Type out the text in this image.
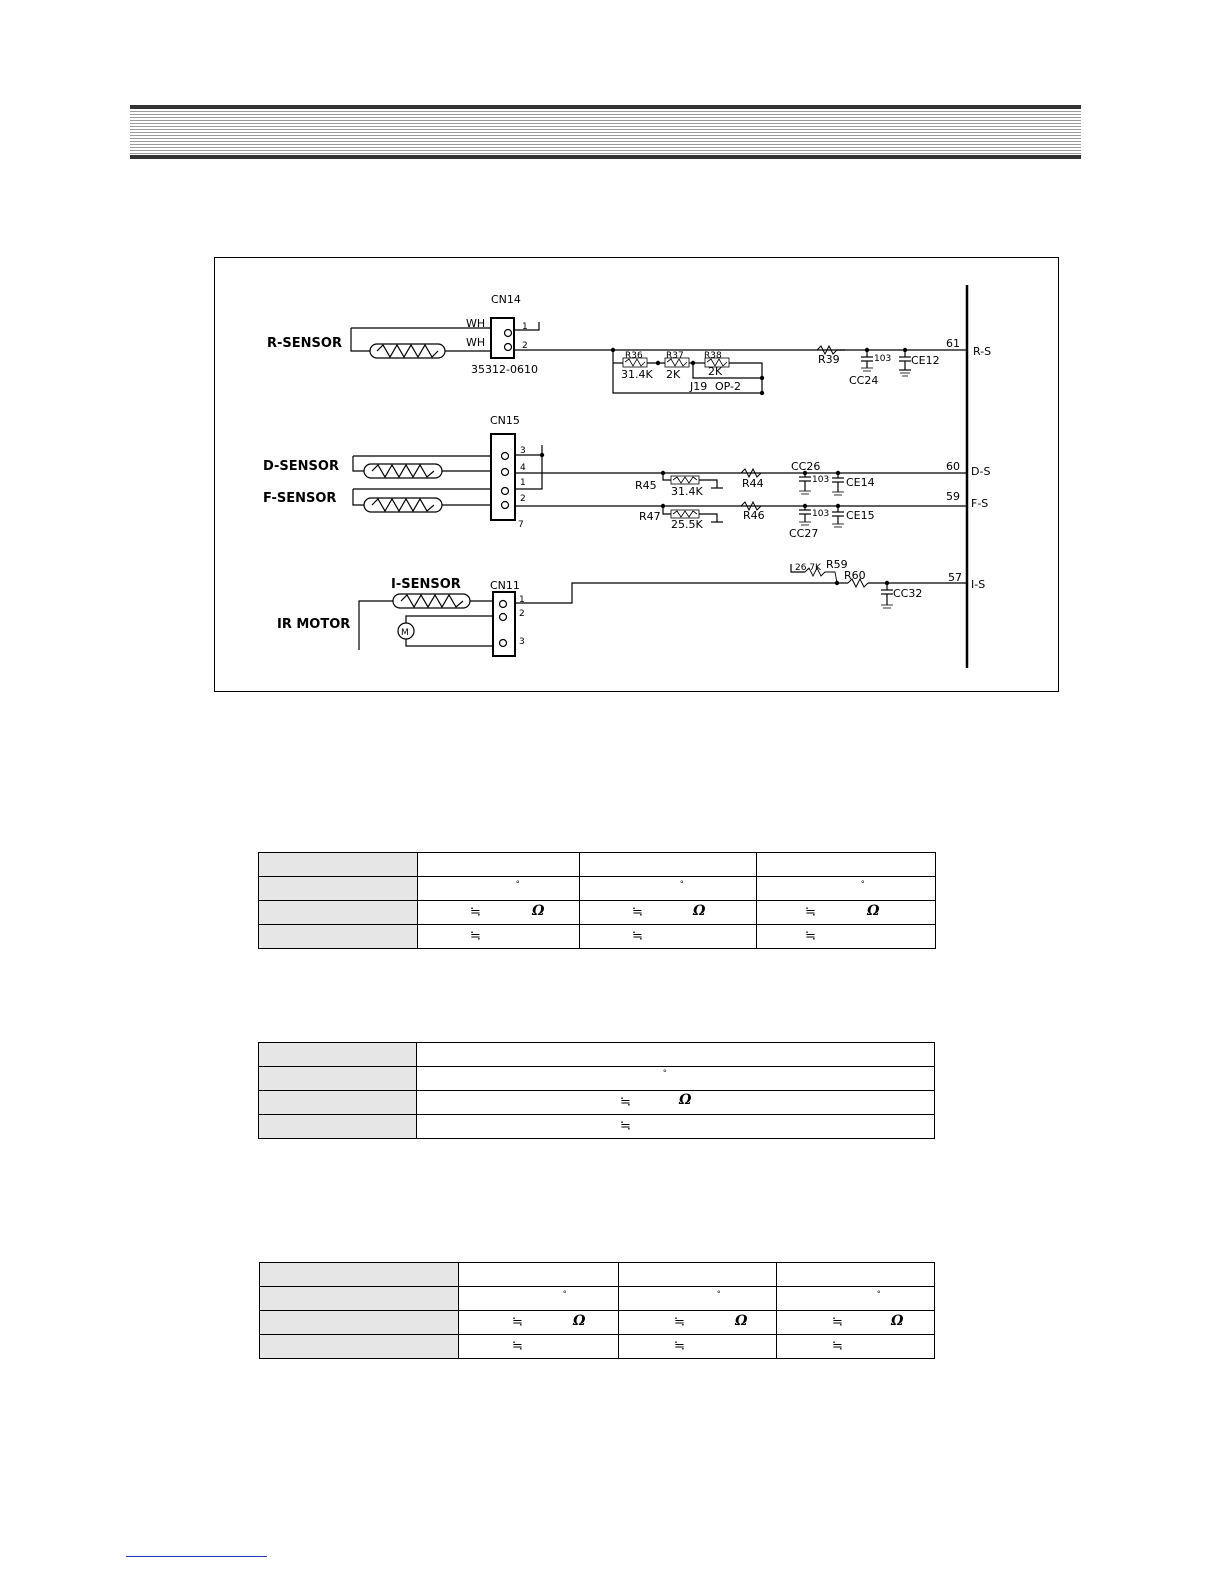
R-SENSOR
D-SENSOR
F-SENSOR
I-SENSOR
IR MOTOR
M
CN14
35312-0610
WH
WH
1
2
CN15
3
4
1
2
7
CN11
1
2
3
R36
31.4K
R37
2K
R38
2K
J19 OP-2
R39	103
CC24
CE12
R45 31.4K
R44
CC26
103 CE14
R47
25.5K
R46	103
CC27
CE15
26.7K R59
R60
CC32
61
R-S
60 D-S
59
F-S
57
I-S

	°	°	°

	≒ Ω	≒ Ω	≒ Ω

	≒	≒	≒

	°

	≒ Ω

	≒

	°	°	°

	≒ Ω	≒ Ω	≒ Ω

	≒	≒	≒
